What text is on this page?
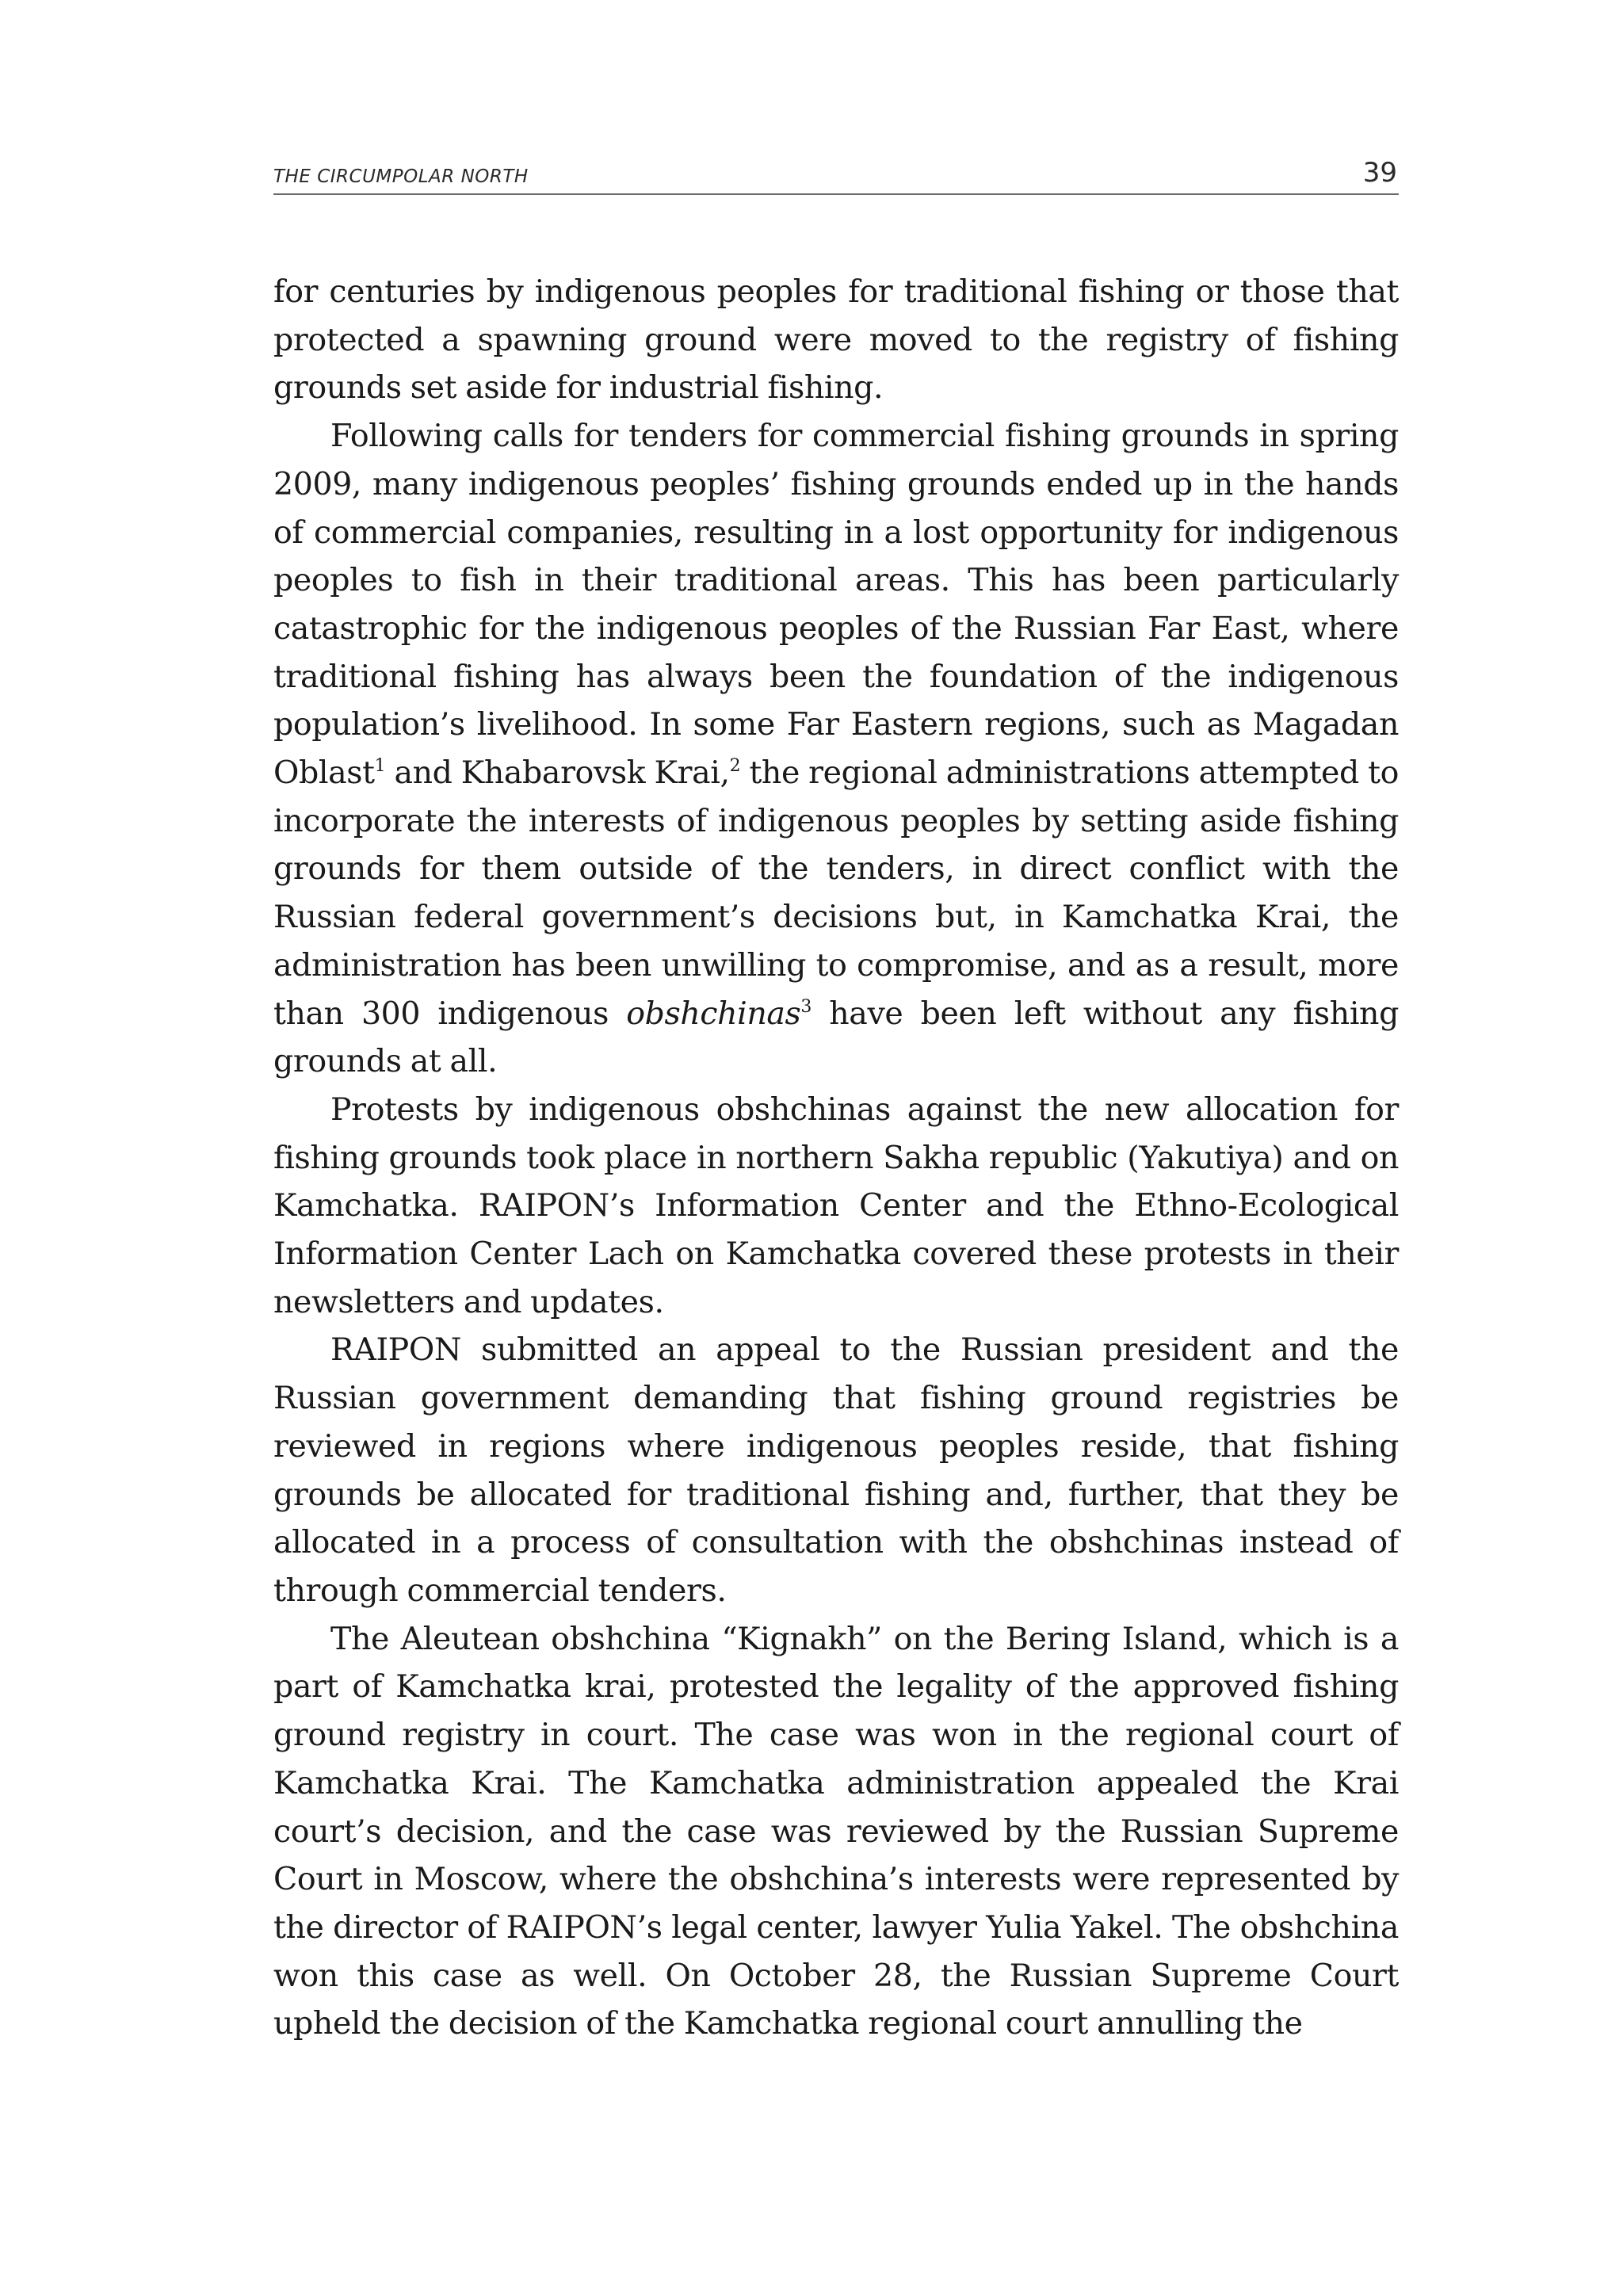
THE CIRCUMPOLAR NORTH	39

for centuries by indigenous peoples for traditional fishing or those that protected a spawning ground were moved to the registry of fishing grounds set aside for industrial fishing.

Following calls for tenders for commercial fishing grounds in spring 2009, many indigenous peoples’ fishing grounds ended up in the hands of commercial companies, resulting in a lost opportunity for indigenous peoples to fish in their traditional areas. This has been particularly catastrophic for the indigenous peoples of the Russian Far East, where traditional fishing has always been the foundation of the indigenous population’s livelihood. In some Far Eastern regions, such as Magadan Oblast$^1$ and Khabarovsk Krai,$^2$ the regional administrations attempted to incorporate the interests of indigenous peoples by setting aside fishing grounds for them outside of the tenders, in direct conflict with the Russian federal government’s decisions but, in Kamchatka Krai, the administration has been unwilling to compromise, and as a result, more than 300 indigenous obshchinas$^3$ have been left without any fishing grounds at all.

Protests by indigenous obshchinas against the new allocation for fishing grounds took place in northern Sakha republic (Yakutiya) and on Kamchatka. RAIPON’s Information Center and the Ethno-Ecological Information Center Lach on Kamchatka covered these protests in their newsletters and updates.

RAIPON submitted an appeal to the Russian president and the Russian government demanding that fishing ground registries be reviewed in regions where indigenous peoples reside, that fishing grounds be allocated for traditional fishing and, further, that they be allocated in a process of consultation with the obshchinas instead of through commercial tenders.

The Aleutean obshchina “Kignakh” on the Bering Island, which is a part of Kamchatka krai, protested the legality of the approved fishing ground registry in court. The case was won in the regional court of Kamchatka Krai. The Kamchatka administration appealed the Krai court’s decision, and the case was reviewed by the Russian Supreme Court in Moscow, where the obshchina’s interests were represented by the director of RAIPON’s legal center, lawyer Yulia Yakel. The obshchina won this case as well. On October 28, the Russian Supreme Court upheld the decision of the Kamchatka regional court annulling the
